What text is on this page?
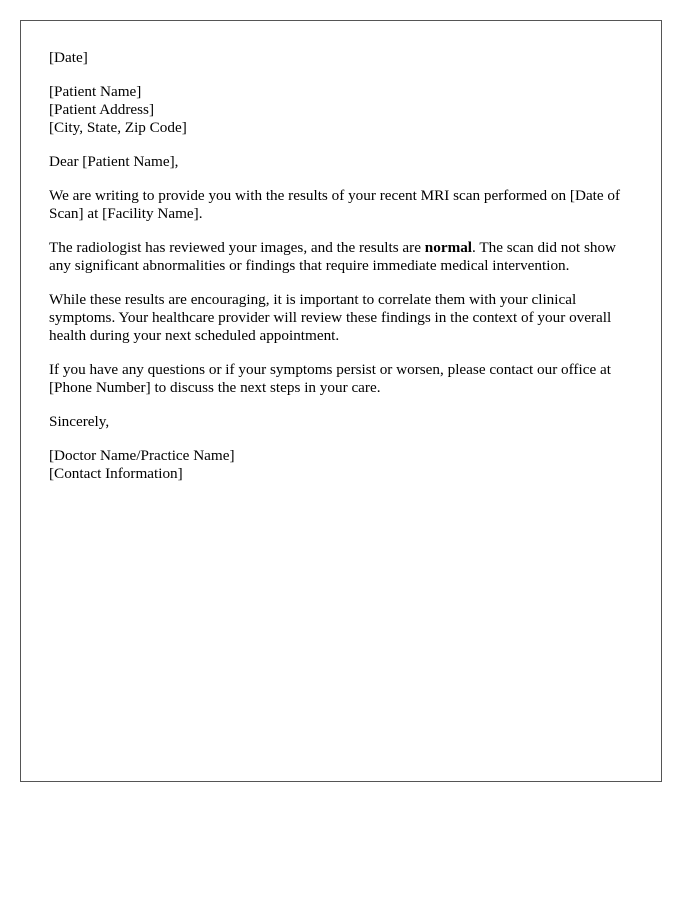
[Date]

[Patient Name]
[Patient Address]
[City, State, Zip Code]

Dear [Patient Name],

We are writing to provide you with the results of your recent MRI scan performed on [Date of Scan] at [Facility Name].

The radiologist has reviewed your images, and the results are normal. The scan did not show any significant abnormalities or findings that require immediate medical intervention.

While these results are encouraging, it is important to correlate them with your clinical symptoms. Your healthcare provider will review these findings in the context of your overall health during your next scheduled appointment.

If you have any questions or if your symptoms persist or worsen, please contact our office at [Phone Number] to discuss the next steps in your care.

Sincerely,

[Doctor Name/Practice Name]
[Contact Information]
